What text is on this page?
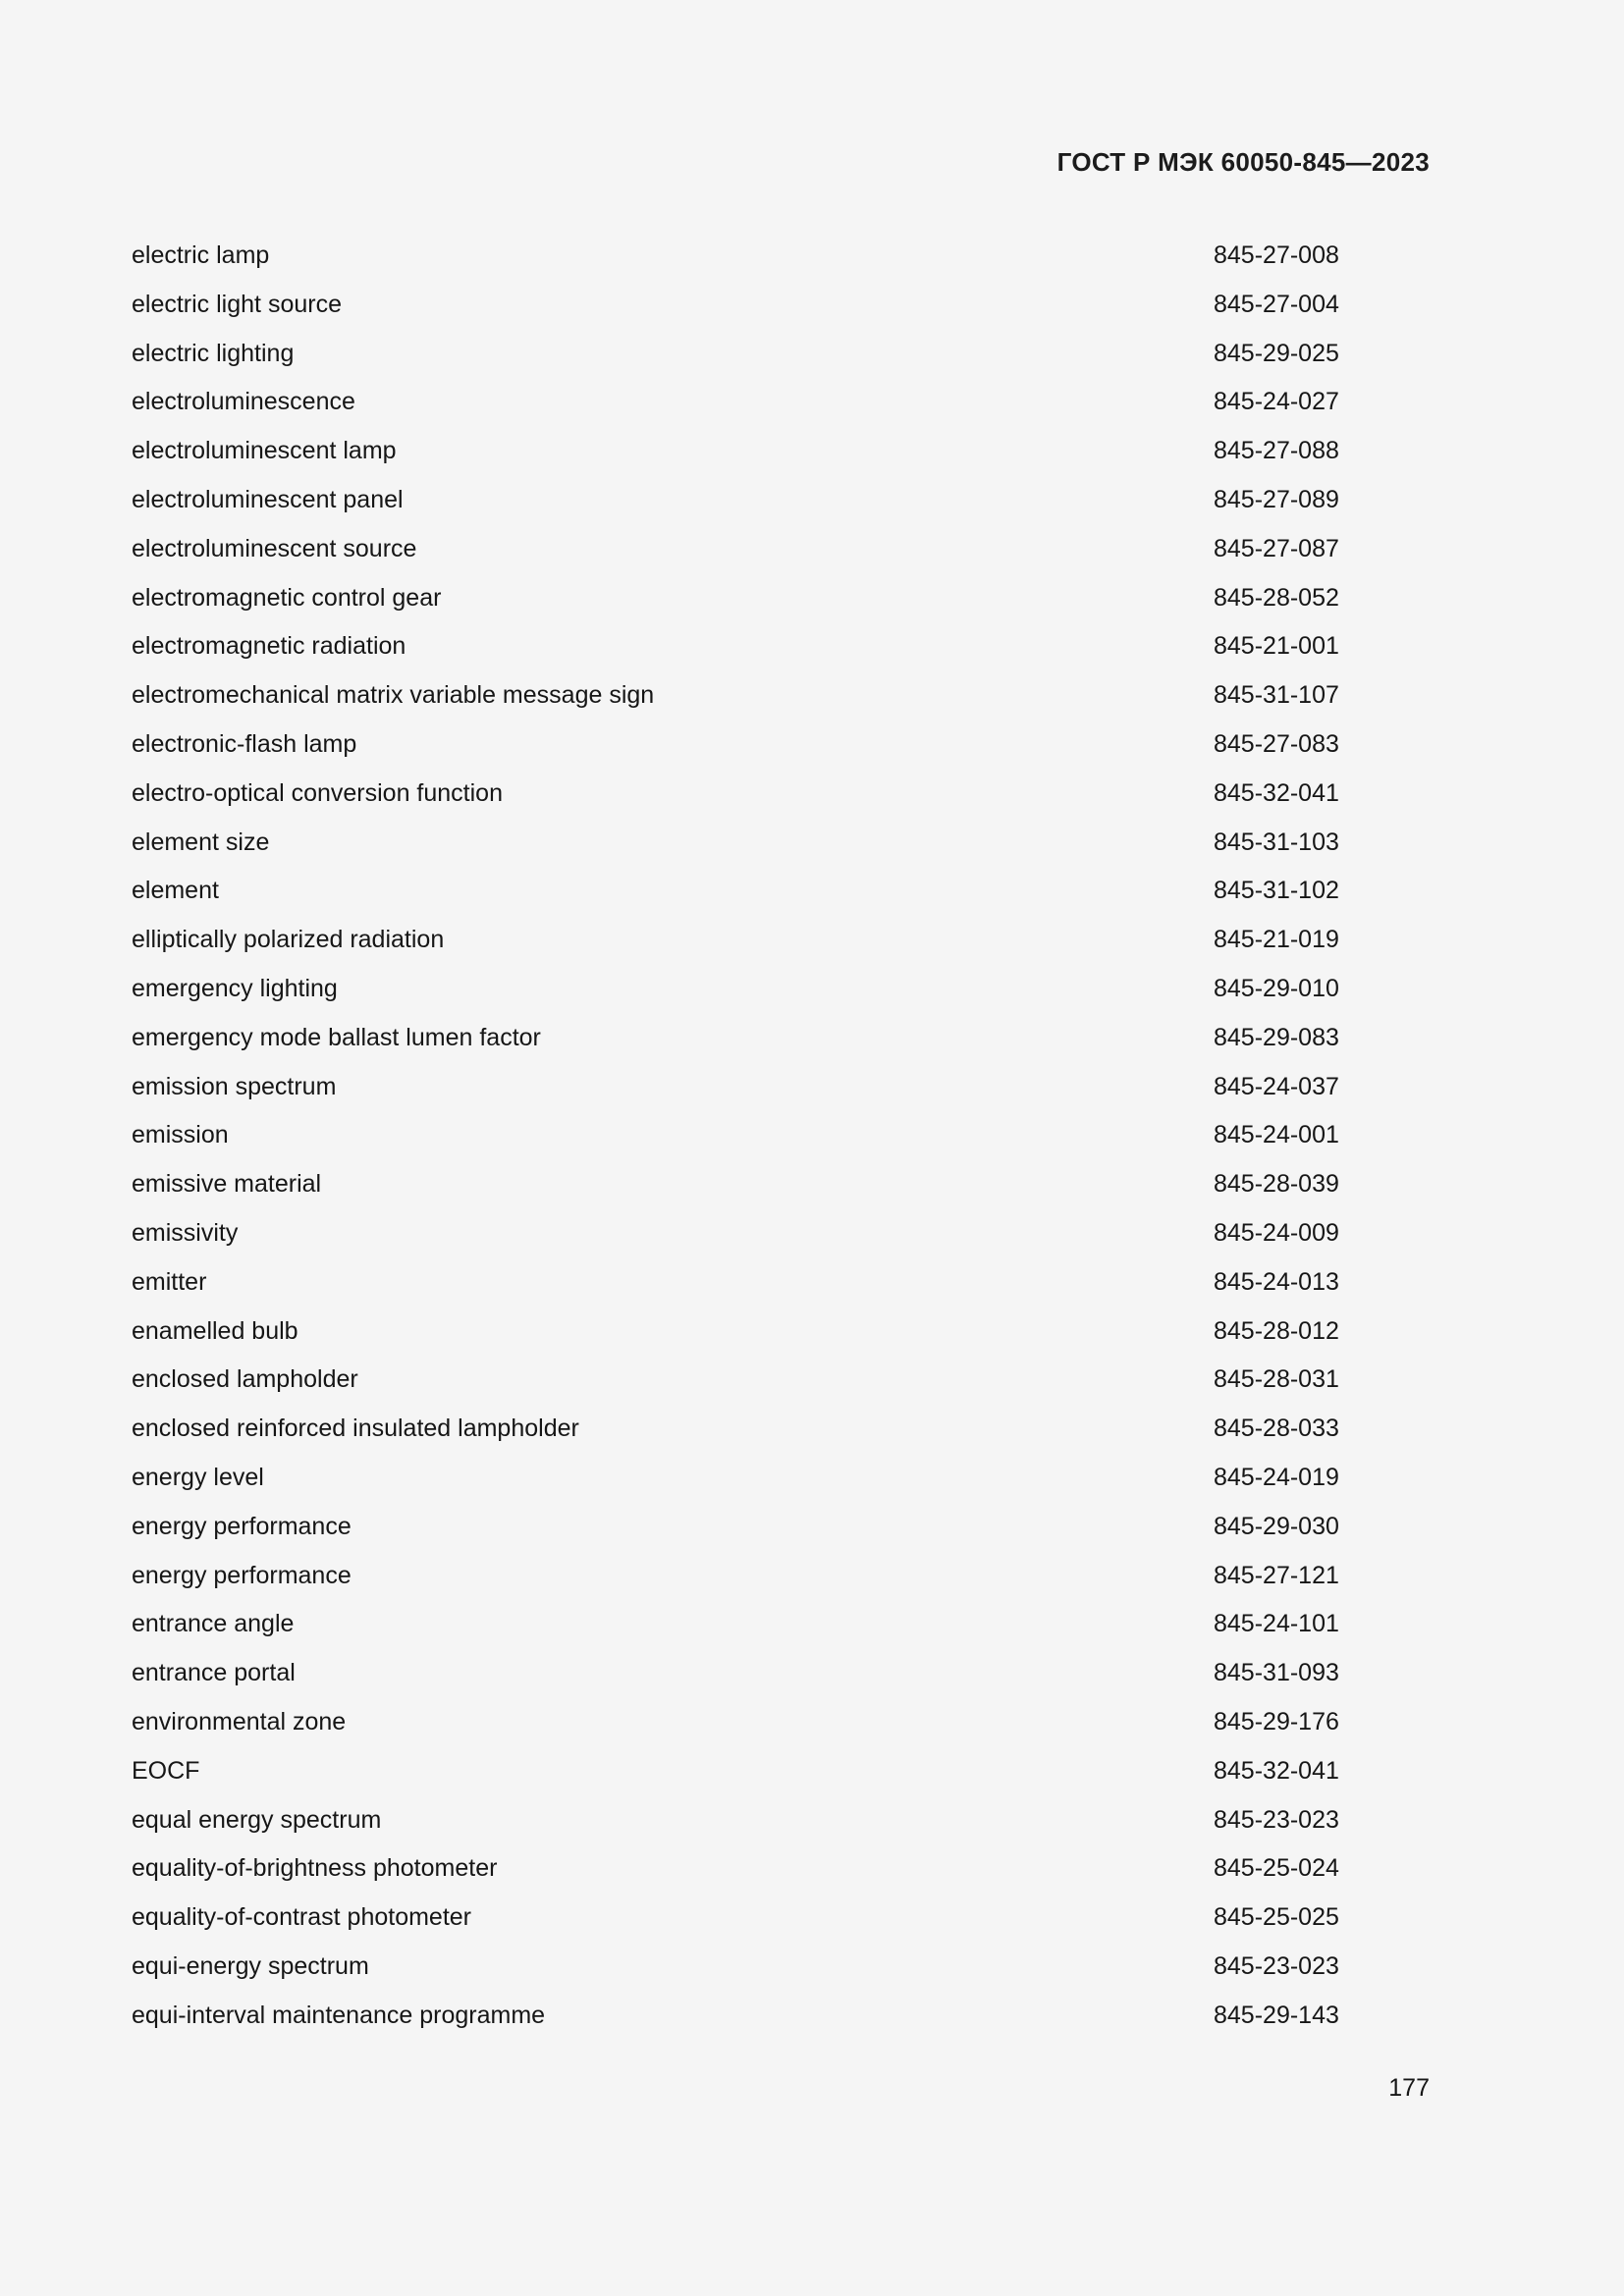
ГОСТ Р МЭК 60050-845—2023
electric lamp	845-27-008
electric light source	845-27-004
electric lighting	845-29-025
electroluminescence	845-24-027
electroluminescent lamp	845-27-088
electroluminescent panel	845-27-089
electroluminescent source	845-27-087
electromagnetic control gear	845-28-052
electromagnetic radiation	845-21-001
electromechanical matrix variable message sign	845-31-107
electronic-flash lamp	845-27-083
electro-optical conversion function	845-32-041
element size	845-31-103
element	845-31-102
elliptically polarized radiation	845-21-019
emergency lighting	845-29-010
emergency mode ballast lumen factor	845-29-083
emission spectrum	845-24-037
emission	845-24-001
emissive material	845-28-039
emissivity	845-24-009
emitter	845-24-013
enamelled bulb	845-28-012
enclosed lampholder	845-28-031
enclosed reinforced insulated lampholder	845-28-033
energy level	845-24-019
energy performance	845-29-030
energy performance	845-27-121
entrance angle	845-24-101
entrance portal	845-31-093
environmental zone	845-29-176
EOCF	845-32-041
equal energy spectrum	845-23-023
equality-of-brightness photometer	845-25-024
equality-of-contrast photometer	845-25-025
equi-energy spectrum	845-23-023
equi-interval maintenance programme	845-29-143
177
